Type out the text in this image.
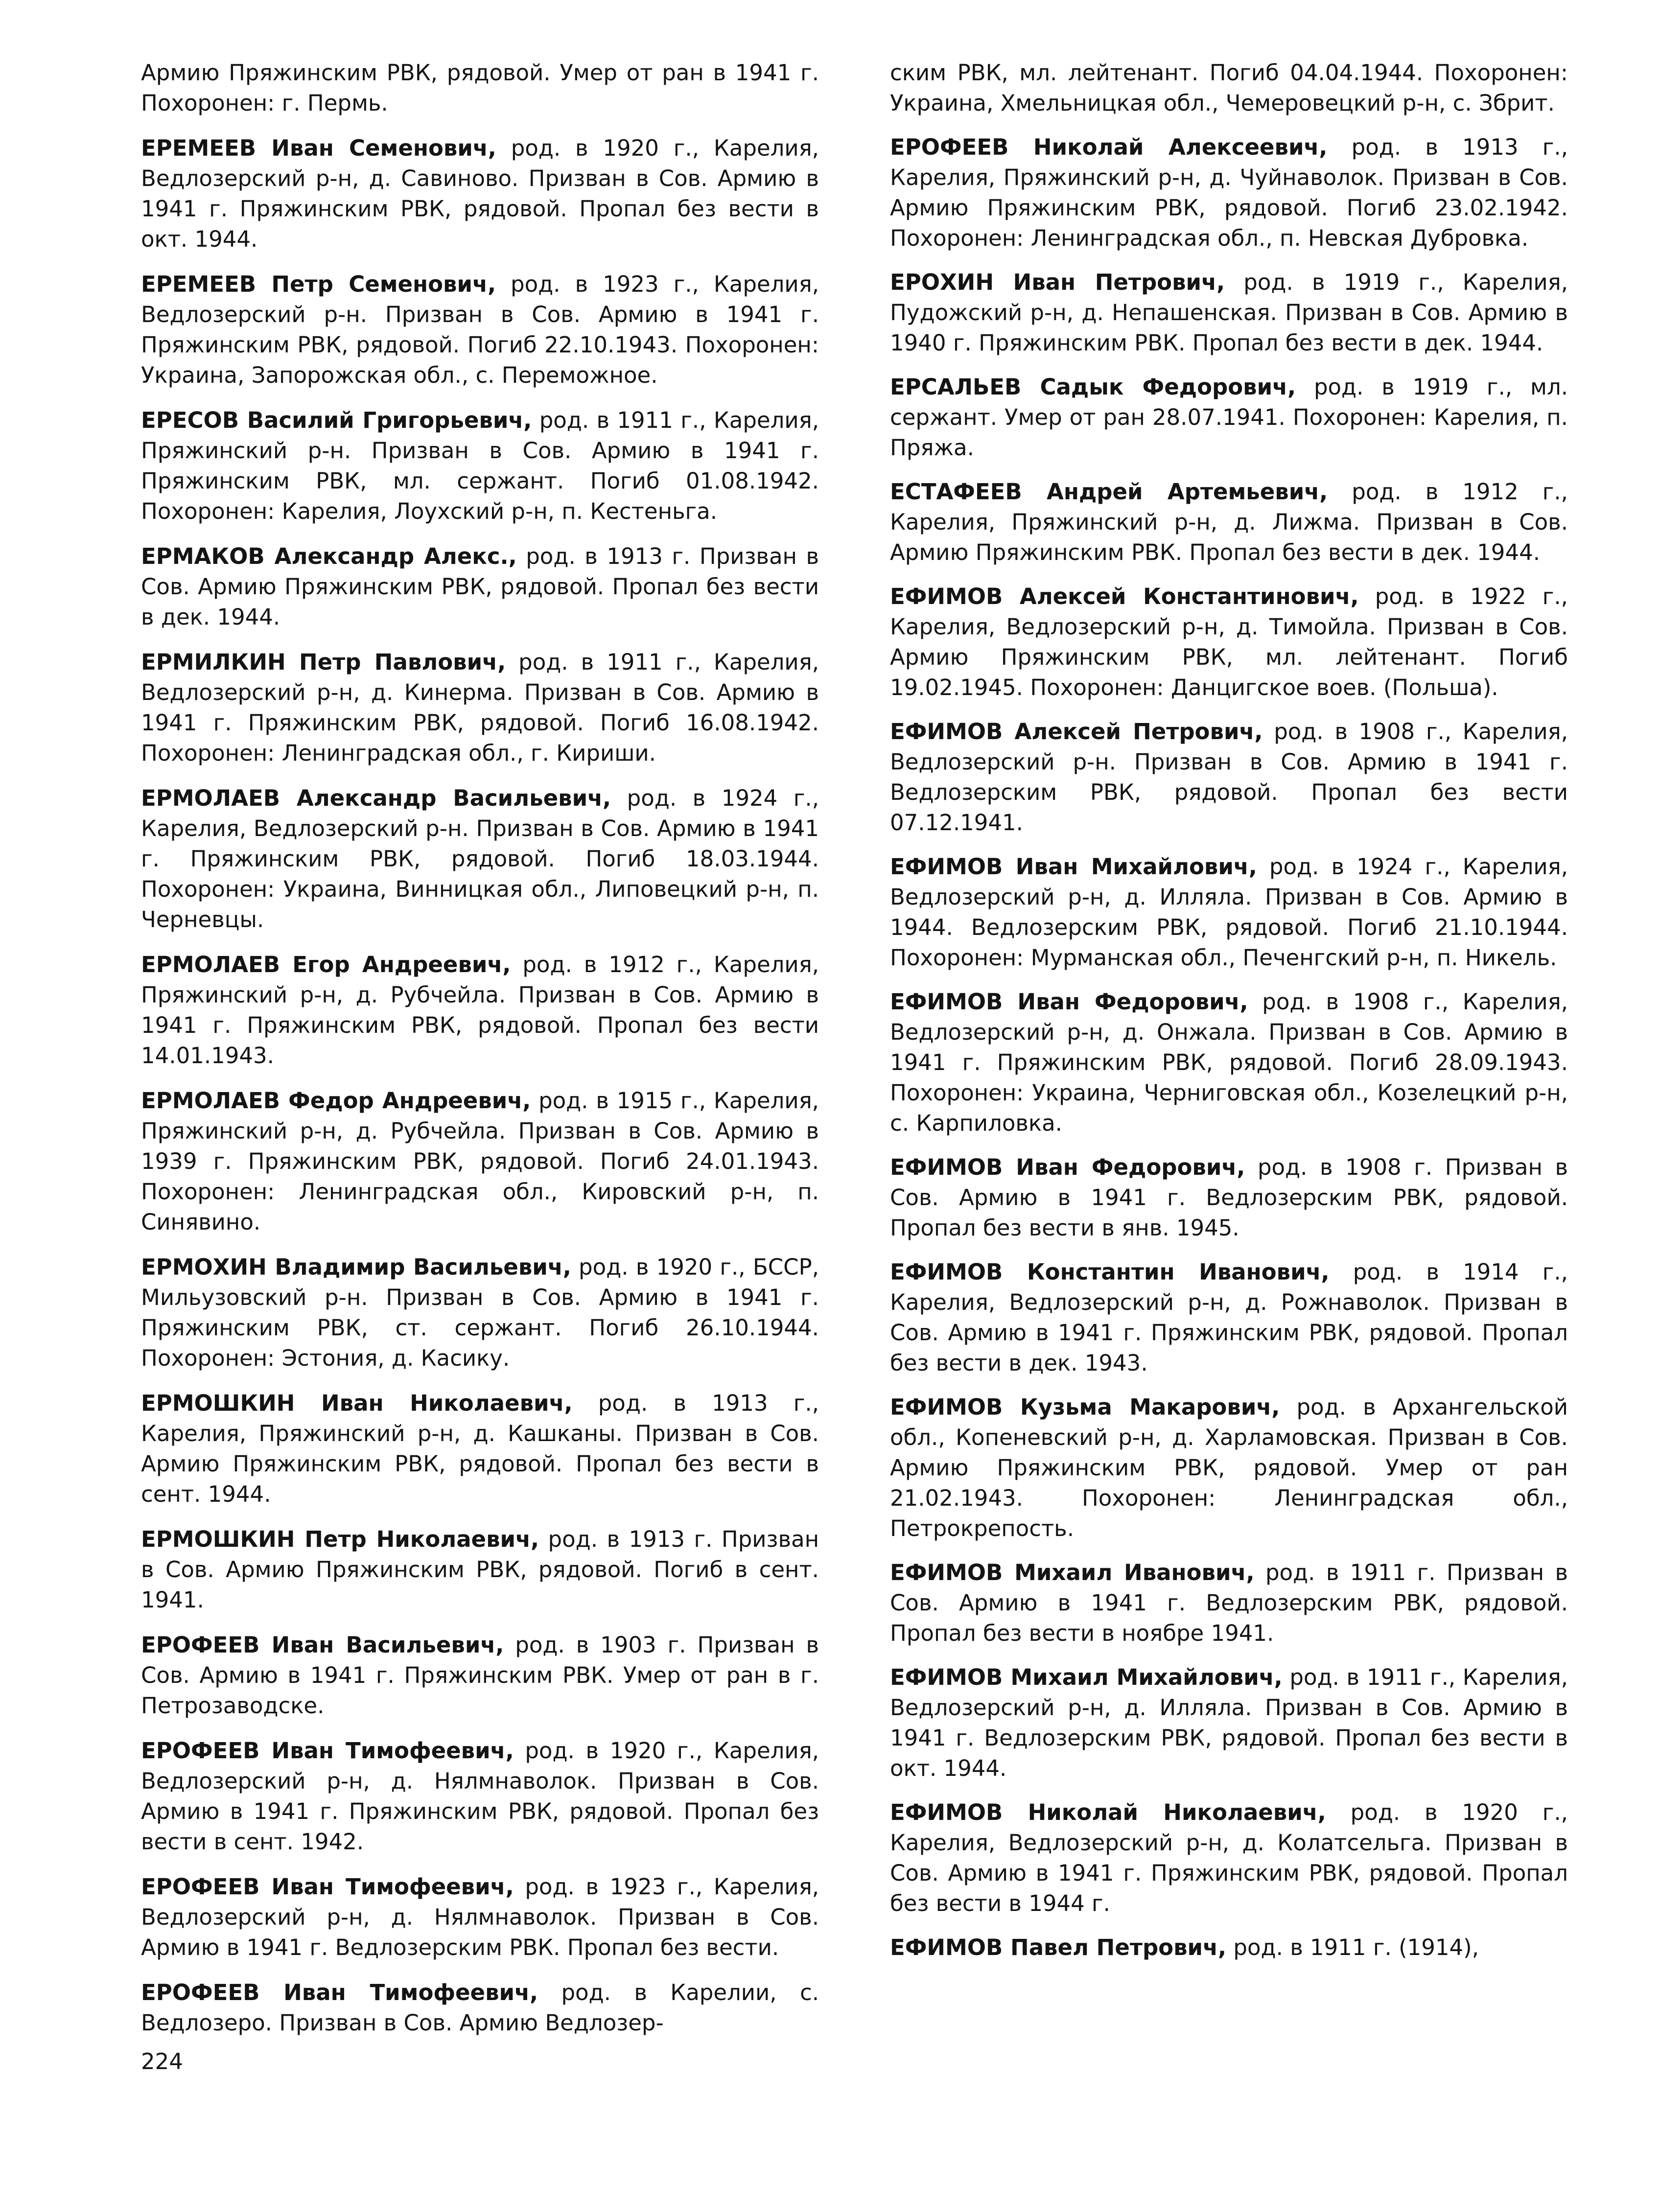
Армию Пряжинским РВК, рядовой. Умер от ран в 1941 г. Похоронен: г. Пермь.

ЕРЕМЕЕВ Иван Семенович, род. в 1920 г., Карелия, Ведлозерский р-н, д. Савиново. Призван в Сов. Армию в 1941 г. Пряжинским РВК, рядовой. Пропал без вести в окт. 1944.

ЕРЕМЕЕВ Петр Семенович, род. в 1923 г., Карелия, Ведлозерский р-н. Призван в Сов. Армию в 1941 г. Пряжинским РВК, рядовой. Погиб 22.10.1943. Похоронен: Украина, Запорожская обл., с. Переможное.

ЕРЕСОВ Василий Григорьевич, род. в 1911 г., Карелия, Пряжинский р-н. Призван в Сов. Армию в 1941 г. Пряжинским РВК, мл. сержант. Погиб 01.08.1942. Похоронен: Карелия, Лоухский р-н, п. Кестеньга.

ЕРМАКОВ Александр Алекс., род. в 1913 г. Призван в Сов. Армию Пряжинским РВК, рядовой. Пропал без вести в дек. 1944.

ЕРМИЛКИН Петр Павлович, род. в 1911 г., Карелия, Ведлозерский р-н, д. Кинерма. Призван в Сов. Армию в 1941 г. Пряжинским РВК, рядовой. Погиб 16.08.1942. Похоронен: Ленинградская обл., г. Кириши.

ЕРМОЛАЕВ Александр Васильевич, род. в 1924 г., Карелия, Ведлозерский р-н. Призван в Сов. Армию в 1941 г. Пряжинским РВК, рядовой. Погиб 18.03.1944. Похоронен: Украина, Винницкая обл., Липовецкий р-н, п. Черневцы.

ЕРМОЛАЕВ Егор Андреевич, род. в 1912 г., Карелия, Пряжинский р-н, д. Рубчейла. Призван в Сов. Армию в 1941 г. Пряжинским РВК, рядовой. Пропал без вести 14.01.1943.

ЕРМОЛАЕВ Федор Андреевич, род. в 1915 г., Карелия, Пряжинский р-н, д. Рубчейла. Призван в Сов. Армию в 1939 г. Пряжинским РВК, рядовой. Погиб 24.01.1943. Похоронен: Ленинградская обл., Кировский р-н, п. Синявино.

ЕРМОХИН Владимир Васильевич, род. в 1920 г., БССР, Мильузовский р-н. Призван в Сов. Армию в 1941 г. Пряжинским РВК, ст. сержант. Погиб 26.10.1944. Похоронен: Эстония, д. Касику.

ЕРМОШКИН Иван Николаевич, род. в 1913 г., Карелия, Пряжинский р-н, д. Кашканы. Призван в Сов. Армию Пряжинским РВК, рядовой. Пропал без вести в сент. 1944.

ЕРМОШКИН Петр Николаевич, род. в 1913 г. Призван в Сов. Армию Пряжинским РВК, рядовой. Погиб в сент. 1941.

ЕРОФЕЕВ Иван Васильевич, род. в 1903 г. Призван в Сов. Армию в 1941 г. Пряжинским РВК. Умер от ран в г. Петрозаводске.

ЕРОФЕЕВ Иван Тимофеевич, род. в 1920 г., Карелия, Ведлозерский р-н, д. Нялмнаволок. Призван в Сов. Армию в 1941 г. Пряжинским РВК, рядовой. Пропал без вести в сент. 1942.

ЕРОФЕЕВ Иван Тимофеевич, род. в 1923 г., Карелия, Ведлозерский р-н, д. Нялмнаволок. Призван в Сов. Армию в 1941 г. Ведлозерским РВК. Пропал без вести.

ЕРОФЕЕВ Иван Тимофеевич, род. в Карелии, с. Ведлозеро. Призван в Сов. Армию Ведлозер-

ским РВК, мл. лейтенант. Погиб 04.04.1944. Похоронен: Украина, Хмельницкая обл., Чемеровецкий р-н, с. Збрит.

ЕРОФЕЕВ Николай Алексеевич, род. в 1913 г., Карелия, Пряжинский р-н, д. Чуйнаволок. Призван в Сов. Армию Пряжинским РВК, рядовой. Погиб 23.02.1942. Похоронен: Ленинградская обл., п. Невская Дубровка.

ЕРОХИН Иван Петрович, род. в 1919 г., Карелия, Пудожский р-н, д. Непашенская. Призван в Сов. Армию в 1940 г. Пряжинским РВК. Пропал без вести в дек. 1944.

ЕРСАЛЬЕВ Садык Федорович, род. в 1919 г., мл. сержант. Умер от ран 28.07.1941. Похоронен: Карелия, п. Пряжа.

ЕСТАФЕЕВ Андрей Артемьевич, род. в 1912 г., Карелия, Пряжинский р-н, д. Лижма. Призван в Сов. Армию Пряжинским РВК. Пропал без вести в дек. 1944.

ЕФИМОВ Алексей Константинович, род. в 1922 г., Карелия, Ведлозерский р-н, д. Тимойла. Призван в Сов. Армию Пряжинским РВК, мл. лейтенант. Погиб 19.02.1945. Похоронен: Данцигское воев. (Польша).

ЕФИМОВ Алексей Петрович, род. в 1908 г., Карелия, Ведлозерский р-н. Призван в Сов. Армию в 1941 г. Ведлозерским РВК, рядовой. Пропал без вести 07.12.1941.

ЕФИМОВ Иван Михайлович, род. в 1924 г., Карелия, Ведлозерский р-н, д. Илляла. Призван в Сов. Армию в 1944. Ведлозерским РВК, рядовой. Погиб 21.10.1944. Похоронен: Мурманская обл., Печенгский р-н, п. Никель.

ЕФИМОВ Иван Федорович, род. в 1908 г., Карелия, Ведлозерский р-н, д. Онжала. Призван в Сов. Армию в 1941 г. Пряжинским РВК, рядовой. Погиб 28.09.1943. Похоронен: Украина, Черниговская обл., Козелецкий р-н, с. Карпиловка.

ЕФИМОВ Иван Федорович, род. в 1908 г. Призван в Сов. Армию в 1941 г. Ведлозерским РВК, рядовой. Пропал без вести в янв. 1945.

ЕФИМОВ Константин Иванович, род. в 1914 г., Карелия, Ведлозерский р-н, д. Рожнаволок. Призван в Сов. Армию в 1941 г. Пряжинским РВК, рядовой. Пропал без вести в дек. 1943.

ЕФИМОВ Кузьма Макарович, род. в Архангельской обл., Копеневский р-н, д. Харламовская. Призван в Сов. Армию Пряжинским РВК, рядовой. Умер от ран 21.02.1943. Похоронен: Ленинградская обл., Петрокрепость.

ЕФИМОВ Михаил Иванович, род. в 1911 г. Призван в Сов. Армию в 1941 г. Ведлозерским РВК, рядовой. Пропал без вести в ноябре 1941.

ЕФИМОВ Михаил Михайлович, род. в 1911 г., Карелия, Ведлозерский р-н, д. Илляла. Призван в Сов. Армию в 1941 г. Ведлозерским РВК, рядовой. Пропал без вести в окт. 1944.

ЕФИМОВ Николай Николаевич, род. в 1920 г., Карелия, Ведлозерский р-н, д. Колатсельга. Призван в Сов. Армию в 1941 г. Пряжинским РВК, рядовой. Пропал без вести в 1944 г.

ЕФИМОВ Павел Петрович, род. в 1911 г. (1914),

224
